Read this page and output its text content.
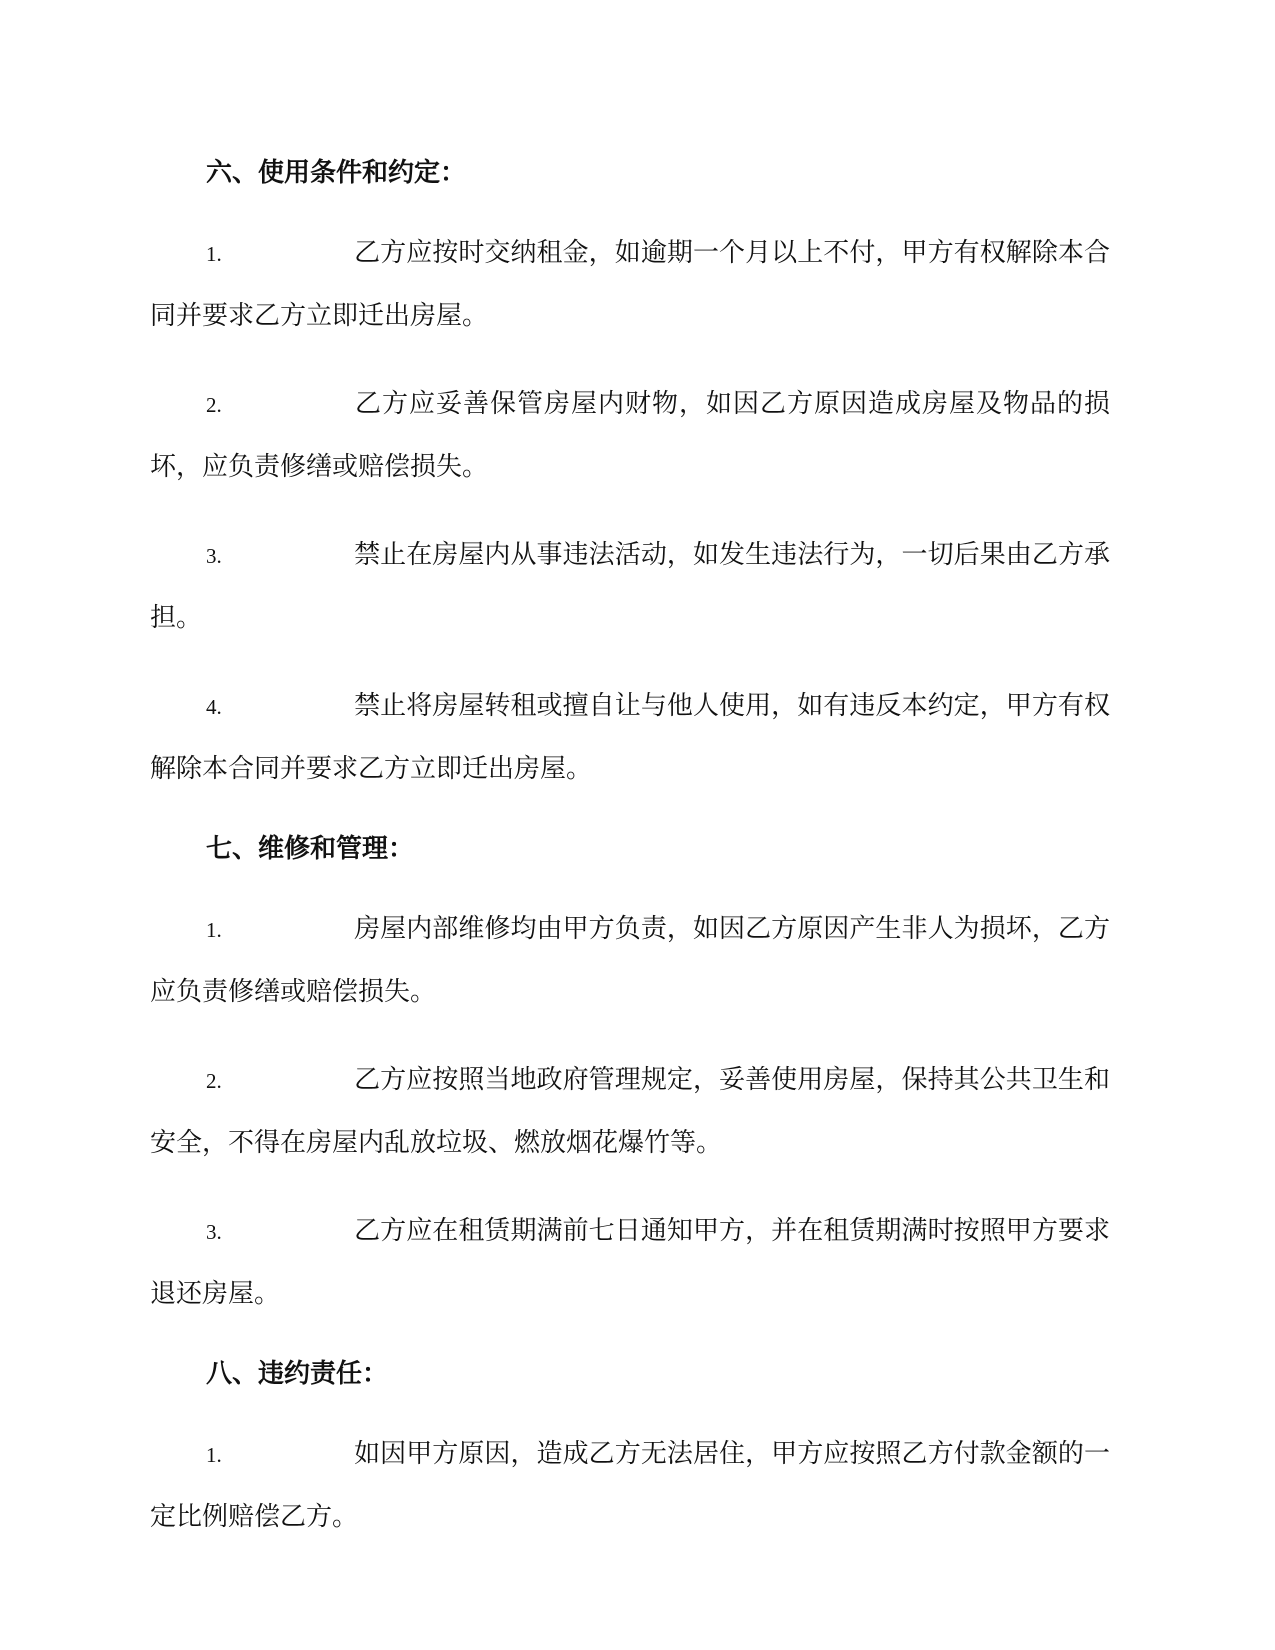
六、使用条件和约定：
1.	乙方应按时交纳租金，如逾期一个月以上不付，甲方有权解除本合同并要求乙方立即迁出房屋。
2.	乙方应妥善保管房屋内财物，如因乙方原因造成房屋及物品的损坏，应负责修缮或赔偿损失。
3.	禁止在房屋内从事违法活动，如发生违法行为，一切后果由乙方承担。
4.	禁止将房屋转租或擅自让与他人使用，如有违反本约定，甲方有权解除本合同并要求乙方立即迁出房屋。
七、维修和管理：
1.	房屋内部维修均由甲方负责，如因乙方原因产生非人为损坏，乙方应负责修缮或赔偿损失。
2.	乙方应按照当地政府管理规定，妥善使用房屋，保持其公共卫生和安全，不得在房屋内乱放垃圾、燃放烟花爆竹等。
3.	乙方应在租赁期满前七日通知甲方，并在租赁期满时按照甲方要求退还房屋。
八、违约责任：
1.	如因甲方原因，造成乙方无法居住，甲方应按照乙方付款金额的一定比例赔偿乙方。
